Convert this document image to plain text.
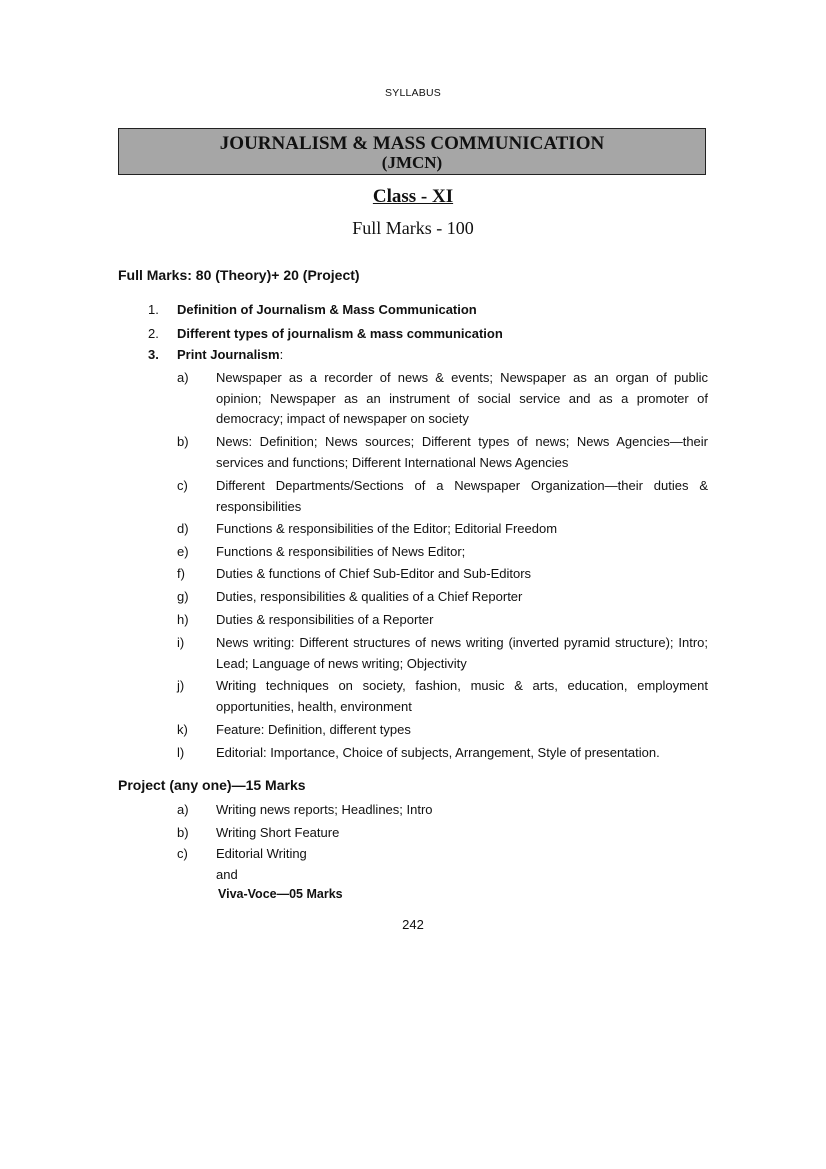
SYLLABUS
JOURNALISM & MASS COMMUNICATION
(JMCN)
Class - XI
Full Marks - 100
Full Marks: 80 (Theory)+ 20 (Project)
1. Definition of Journalism & Mass Communication
2. Different types of journalism & mass communication
3. Print Journalism:
a) Newspaper as a recorder of news & events; Newspaper as an organ of public opinion; Newspaper as an instrument of social service and as a promoter of democracy; impact of newspaper on society
b) News: Definition; News sources; Different types of news; News Agencies—their services and functions; Different International News Agencies
c) Different Departments/Sections of a Newspaper Organization—their duties & responsibilities
d) Functions & responsibilities of the Editor; Editorial Freedom
e) Functions & responsibilities of News Editor;
f) Duties & functions of Chief Sub-Editor and Sub-Editors
g) Duties, responsibilities & qualities of a Chief Reporter
h) Duties & responsibilities of a Reporter
i) News writing: Different structures of news writing (inverted pyramid structure); Intro; Lead; Language of news writing; Objectivity
j) Writing techniques on society, fashion, music & arts, education, employment opportunities, health, environment
k) Feature: Definition, different types
l) Editorial: Importance, Choice of subjects, Arrangement, Style of presentation.
Project (any one)—15 Marks
a) Writing news reports; Headlines; Intro
b) Writing Short Feature
c) Editorial Writing
and
Viva-Voce—05 Marks
242
